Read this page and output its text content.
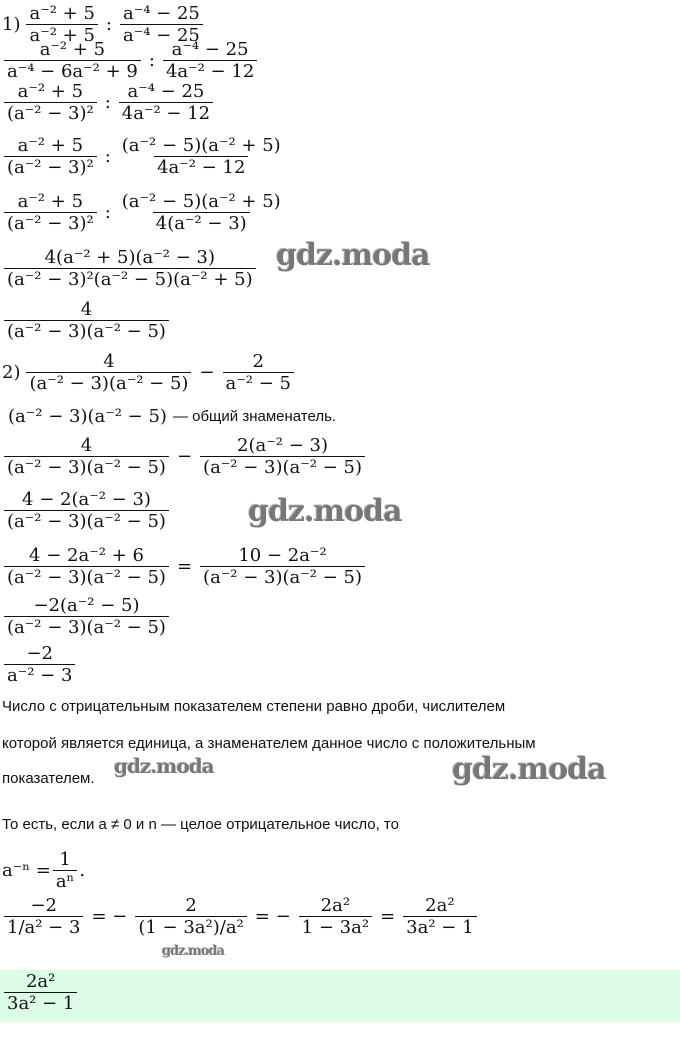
$1) \frac{\text{a⁻² + 5}}{\text{a⁻² + 5}}$ : $\frac{\text{a⁻⁴ − 25}}{\text{a⁻⁴ − 25}}$
$\frac{\text{a⁻² + 5}}{\text{a⁻⁴ − 6a⁻² + 9}}$ : $\frac{\text{a⁻⁴ − 25}}{\text{4a⁻² − 12}}$
$\frac{\text{a⁻² + 5}}{\text{(a⁻² − 3)²}}$ : $\frac{\text{a⁻⁴ − 25}}{\text{4a⁻² − 12}}$
$\frac{\text{a⁻² + 5}}{\text{(a⁻² − 3)²}}$ : $\frac{\text{(a⁻² − 5)(a⁻² + 5)}}{\text{4a⁻² − 12}}$
$\frac{\text{a⁻² + 5}}{\text{(a⁻² − 3)²}}$ : $\frac{\text{(a⁻² − 5)(a⁻² + 5)}}{\text{4(a⁻² − 3)}}$
$\frac{\text{4(a⁻² + 5)(a⁻² − 3)}}{\text{(a⁻² − 3)²(a⁻² − 5)(a⁻² + 5)}}$
$\frac{4}{\text{(a⁻² − 3)(a⁻² − 5)}}$
$2) \frac{4}{\text{(a⁻² − 3)(a⁻² − 5)}} - \frac{2}{\text{a⁻² − 5}}$
(a⁻² − 3)(a⁻² − 5) — общий знаменатель.
$\frac{4}{\text{(a⁻² − 3)(a⁻² − 5)}} - \frac{\text{2(a⁻² − 3)}}{\text{(a⁻² − 3)(a⁻² − 5)}}$
$\frac{\text{4 − 2(a⁻² − 3)}}{\text{(a⁻² − 3)(a⁻² − 5)}}$
$\frac{\text{4 − 2a⁻² + 6}}{\text{(a⁻² − 3)(a⁻² − 5)}} = \frac{\text{10 − 2a⁻²}}{\text{(a⁻² − 3)(a⁻² − 5)}}$
$\frac{\text{−2(a⁻² − 5)}}{\text{(a⁻² − 3)(a⁻² − 5)}}$
$\frac{-2}{\text{a⁻² − 3}}$
Число с отрицательным показателем степени равно дроби, числителем
которой является единица, а знаменателем данное число с положительным
показателем.
То есть, если a ≠ 0 и n — целое отрицательное число, то
$a^{-n} = \frac{1}{\text{aⁿ}}$ .
$\frac{-2}{\text{1/a² − 3}}$ = − $\frac{2}{\text{(1 − 3a²)/a²}}$ = − $\frac{\text{2a²}}{\text{1 − 3a²}} = \frac{\text{2a²}}{\text{3a² − 1}}$
$\frac{\text{2a²}}{\text{3a² − 1}}$
gdz.moda
gdz.moda
gdz.moda	gdz.moda
gdz.moda
